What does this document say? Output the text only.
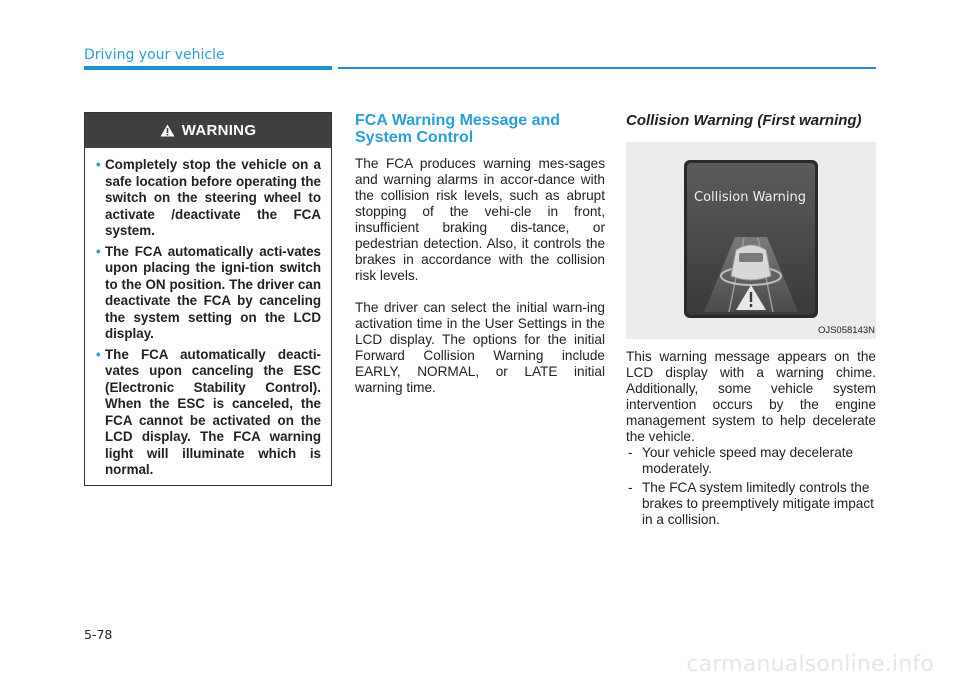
Driving your vehicle
WARNING
• Completely stop the vehicle on a safe location before operating the switch on the steering wheel to activate /deactivate the FCA system.
• The FCA automatically acti-vates upon placing the igni-tion switch to the ON position. The driver can deactivate the FCA by canceling the system setting on the LCD display.
• The FCA automatically deacti-vates upon canceling the ESC (Electronic Stability Control). When the ESC is canceled, the FCA cannot be activated on the LCD display. The FCA warning light will illuminate which is normal.
FCA Warning Message and System Control

The FCA produces warning mes-sages and warning alarms in accor-dance with the collision risk levels, such as abrupt stopping of the vehi-cle in front, insufficient braking dis-tance, or pedestrian detection. Also, it controls the brakes in accordance with the collision risk levels.

The driver can select the initial warn-ing activation time in the User Settings in the LCD display. The options for the initial Forward Collision Warning include EARLY, NORMAL, or LATE initial warning time.

Collision Warning (First warning)
Collision Warning
OJS058143N

This warning message appears on the LCD display with a warning chime. Additionally, some vehicle system intervention occurs by the engine management system to help decelerate the vehicle.

- Your vehicle speed may decelerate moderately.
- The FCA system limitedly controls the brakes to preemptively mitigate impact in a collision.
5-78
carmanualsonline.info
